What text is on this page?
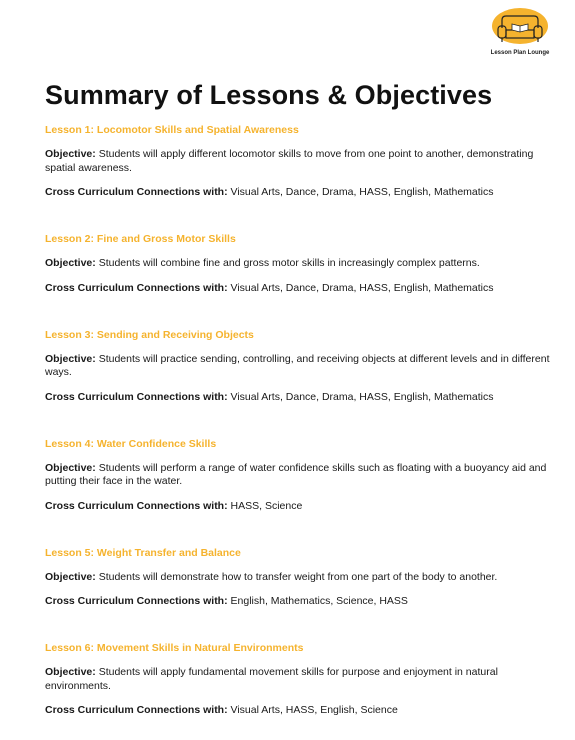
Lesson Plan Lounge
Summary of Lessons & Objectives

Lesson 1: Locomotor Skills and Spatial Awareness

Objective: Students will apply different locomotor skills to move from one point to another, demonstrating spatial awareness.

Cross Curriculum Connections with: Visual Arts, Dance, Drama, HASS, English, Mathematics

Lesson 2: Fine and Gross Motor Skills

Objective: Students will combine fine and gross motor skills in increasingly complex patterns.

Cross Curriculum Connections with: Visual Arts, Dance, Drama, HASS, English, Mathematics

Lesson 3: Sending and Receiving Objects

Objective: Students will practice sending, controlling, and receiving objects at different levels and in different ways.

Cross Curriculum Connections with: Visual Arts, Dance, Drama, HASS, English, Mathematics

Lesson 4: Water Confidence Skills

Objective: Students will perform a range of water confidence skills such as floating with a buoyancy aid and putting their face in the water.

Cross Curriculum Connections with: HASS, Science

Lesson 5: Weight Transfer and Balance

Objective: Students will demonstrate how to transfer weight from one part of the body to another.

Cross Curriculum Connections with: English, Mathematics, Science, HASS

Lesson 6: Movement Skills in Natural Environments

Objective: Students will apply fundamental movement skills for purpose and enjoyment in natural environments.

Cross Curriculum Connections with: Visual Arts, HASS, English, Science
